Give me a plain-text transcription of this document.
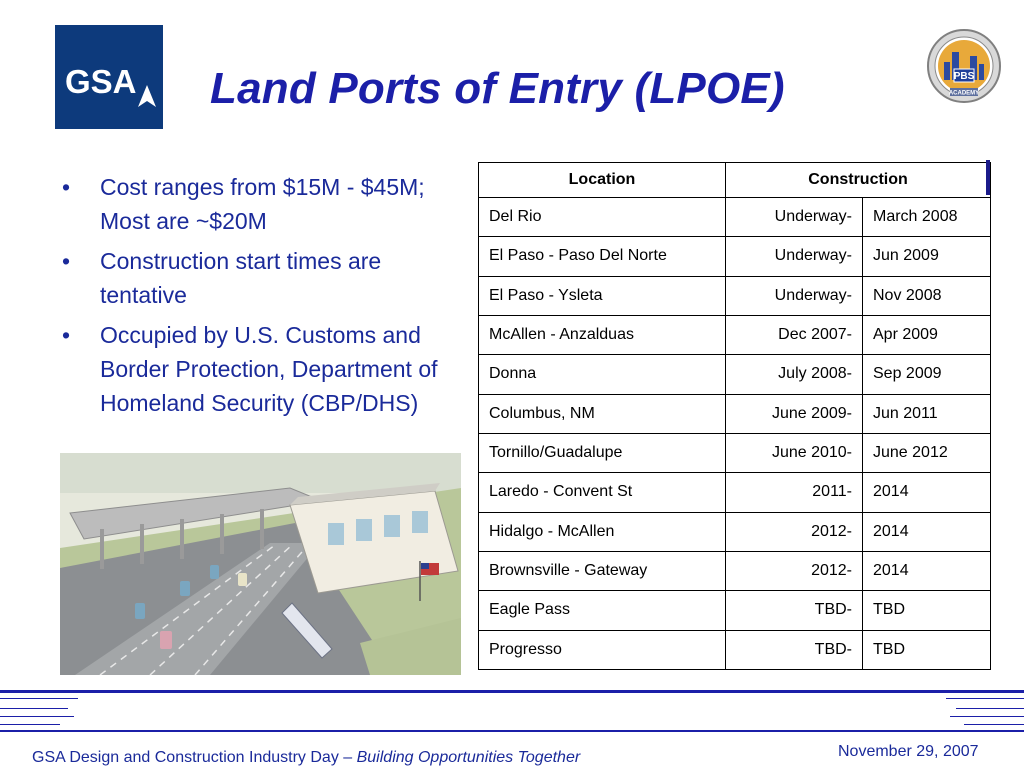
GSA Land Ports of Entry (LPOE)	PBS
ACADEMY
• Cost ranges from $15M - $45M; Most are ~$20M
• Construction start times are tentative
• Occupied by U.S. Customs and Border Protection, Department of Homeland Security (CBP/DHS)
Location	Construction	
Del Rio	Underway-	March 2008
El Paso - Paso Del Norte	Underway-	Jun 2009
El Paso - Ysleta	Underway-	Nov 2008
McAllen - Anzalduas	Dec 2007-	Apr 2009
Donna	July 2008-	Sep 2009
Columbus, NM	June 2009-	Jun 2011
Tornillo/Guadalupe	June 2010-	June 2012
Laredo - Convent St	2011-	2014
Hidalgo - McAllen	2012-	2014
Brownsville - Gateway	2012-	2014
Eagle Pass	TBD-	TBD
Progresso	TBD-	TBD
GSA Design and Construction Industry Day – Building Opportunities Together	November 29, 2007
